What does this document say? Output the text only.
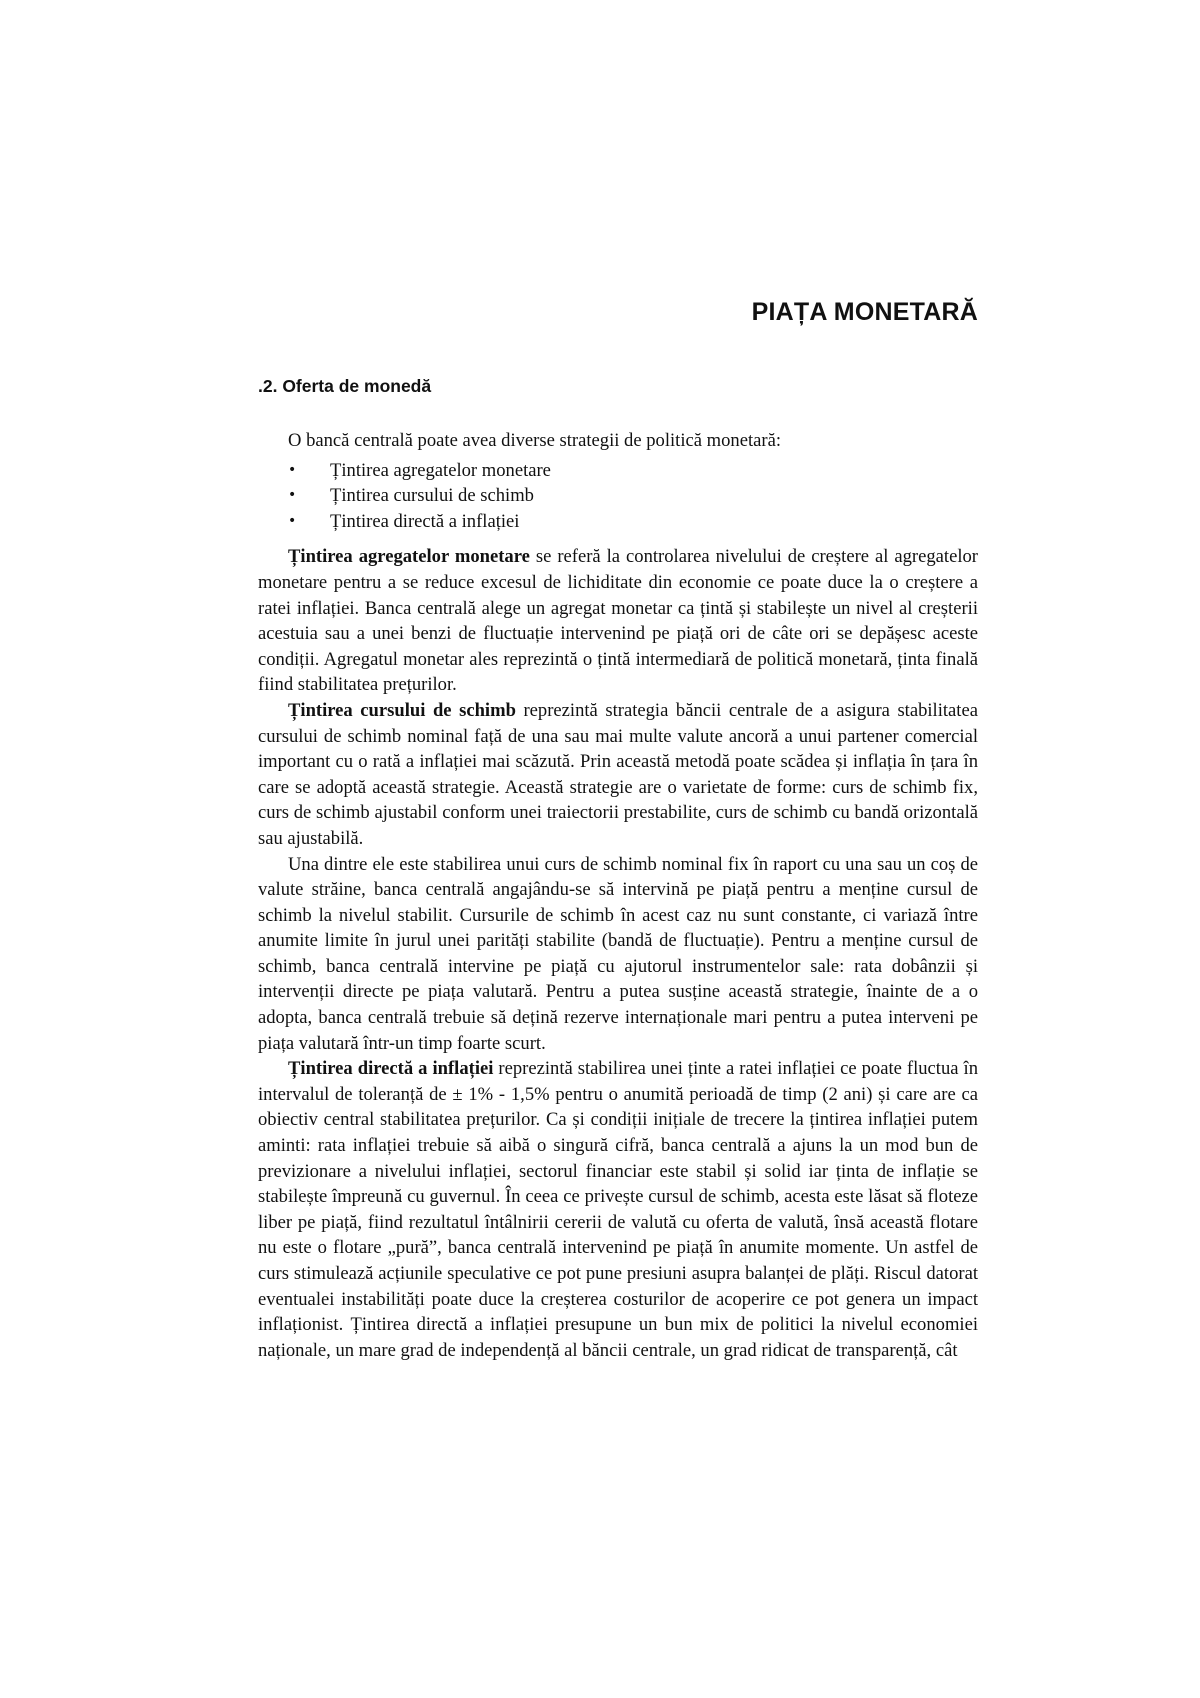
PIAȚA MONETARĂ
.2. Oferta de monedă

O bancă centrală poate avea diverse strategii de politică monetară:

• Țintirea agregatelor monetare
• Țintirea cursului de schimb
• Țintirea directă a inflației

Țintirea agregatelor monetare se referă la controlarea nivelului de creștere al agregatelor monetare pentru a se reduce excesul de lichiditate din economie ce poate duce la o creștere a ratei inflației. Banca centrală alege un agregat monetar ca țintă și stabilește un nivel al creșterii acestuia sau a unei benzi de fluctuație intervenind pe piață ori de câte ori se depășesc aceste condiții. Agregatul monetar ales reprezintă o țintă intermediară de politică monetară, ținta finală fiind stabilitatea prețurilor.

Țintirea cursului de schimb reprezintă strategia băncii centrale de a asigura stabilitatea cursului de schimb nominal față de una sau mai multe valute ancoră a unui partener comercial important cu o rată a inflației mai scăzută. Prin această metodă poate scădea și inflația în țara în care se adoptă această strategie. Această strategie are o varietate de forme: curs de schimb fix, curs de schimb ajustabil conform unei traiectorii prestabilite, curs de schimb cu bandă orizontală sau ajustabilă.

Una dintre ele este stabilirea unui curs de schimb nominal fix în raport cu una sau un coș de valute străine, banca centrală angajându-se să intervină pe piață pentru a menține cursul de schimb la nivelul stabilit. Cursurile de schimb în acest caz nu sunt constante, ci variază între anumite limite în jurul unei parități stabilite (bandă de fluctuație). Pentru a menține cursul de schimb, banca centrală intervine pe piață cu ajutorul instrumentelor sale: rata dobânzii și intervenții directe pe piața valutară. Pentru a putea susține această strategie, înainte de a o adopta, banca centrală trebuie să dețină rezerve internaționale mari pentru a putea interveni pe piața valutară într-un timp foarte scurt.

Țintirea directă a inflației reprezintă stabilirea unei ținte a ratei inflației ce poate fluctua în intervalul de toleranță de ± 1% - 1,5% pentru o anumită perioadă de timp (2 ani) și care are ca obiectiv central stabilitatea prețurilor. Ca și condiții inițiale de trecere la țintirea inflației putem aminti: rata inflației trebuie să aibă o singură cifră, banca centrală a ajuns la un mod bun de previzionare a nivelului inflației, sectorul financiar este stabil și solid iar ținta de inflație se stabilește împreună cu guvernul. În ceea ce privește cursul de schimb, acesta este lăsat să floteze liber pe piață, fiind rezultatul întâlnirii cererii de valută cu oferta de valută, însă această flotare nu este o flotare „pură”, banca centrală intervenind pe piață în anumite momente. Un astfel de curs stimulează acțiunile speculative ce pot pune presiuni asupra balanței de plăți. Riscul datorat eventualei instabilități poate duce la creșterea costurilor de acoperire ce pot genera un impact inflaționist. Țintirea directă a inflației presupune un bun mix de politici la nivelul economiei naționale, un mare grad de independență al băncii centrale, un grad ridicat de transparență, cât
